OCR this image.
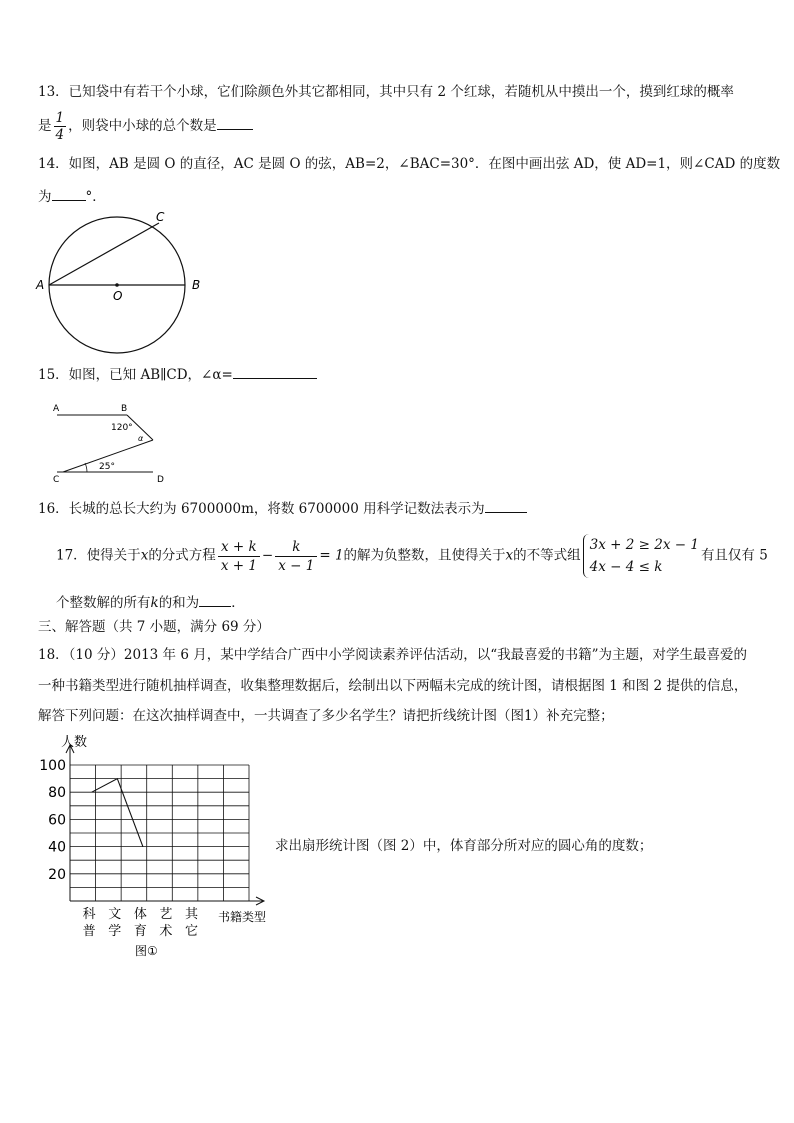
13．已知袋中有若干个小球，它们除颜色外其它都相同，其中只有 2 个红球，若随机从中摸出一个，摸到红球的概率
是 $\frac{1}{4}$ ，则袋中小球的总个数是
14．如图，AB 是圆 O 的直径，AC 是圆 O 的弦，AB=2，∠BAC=30°．在图中画出弦 AD，使 AD=1，则∠CAD 的度数
为	°．
A	B
C
O
15．如图，已知 AB∥CD，∠α=
A	B
C	D
120°
α
25°
16．长城的总长大约为 6700000m，将数 6700000 用科学记数法表示为
17．使得关于x的分式方程 $\frac{x + k}{x + 1} - \frac{k}{x - 1} = 1$的解为负整数，且使得关于x的不等式组
3x + 2 ≥ 2x − 1
4x − 4 ≤ k
有且仅有 5
个整数解的所有k的和为 ．
三、解答题（共 7 小题，满分 69 分）
18．（10 分）2013 年 6 月，某中学结合广西中小学阅读素养评估活动，以“我最喜爱的书籍”为主题，对学生最喜爱的
一种书籍类型进行随机抽样调查，收集整理数据后，绘制出以下两幅未完成的统计图，请根据图 1 和图 2 提供的信息，
解答下列问题：在这次抽样调查中，一共调查了多少名学生？请把折线统计图（图1）补充完整；
求出扇形统计图（图 2）中，体育部分所对应的圆心角的度数；
20
40
60
80
100
科
普
文
学
体
育
艺
术
其
它
人数
书籍类型
图①
